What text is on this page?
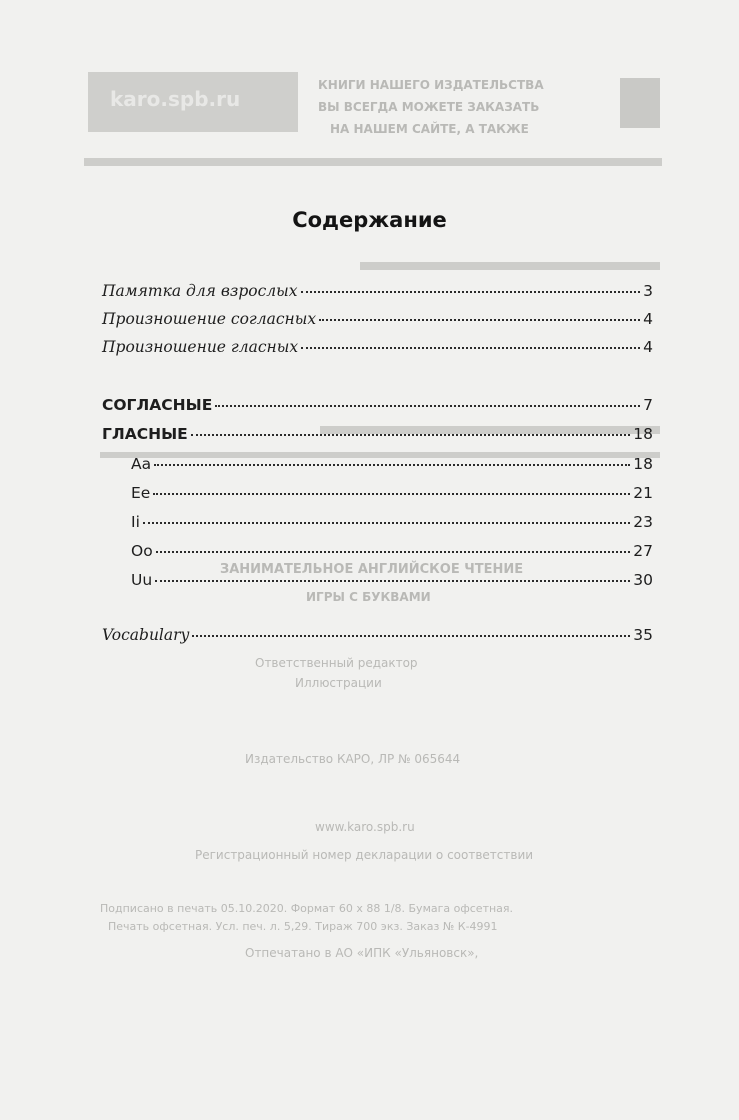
karo.spb.ru
КНИГИ НАШЕГО ИЗДАТЕЛЬСТВА
ВЫ ВСЕГДА МОЖЕТЕ ЗАКАЗАТЬ
НА НАШЕМ САЙТЕ, А ТАКЖЕ
ЗАНИМАТЕЛЬНОЕ АНГЛИЙСКОЕ ЧТЕНИЕ
ИГРЫ С БУКВАМИ
Ответственный редактор
Иллюстрации
Издательство КАРО, ЛР № 065644
www.karo.spb.ru
Регистрационный номер декларации о соответствии
Подписано в печать 05.10.2020. Формат 60 x 88 1/8. Бумага офсетная.
Печать офсетная. Усл. печ. л. 5,29. Тираж 700 экз. Заказ № К-4991
Отпечатано в АО «ИПК «Ульяновск»,
Содержание
Памятка для взрослых	3
Произношение согласных	4
Произношение гласных	4
СОГЛАСНЫЕ	7
ГЛАСНЫЕ	18
Aa	18
Ee	21
Ii	23
Oo	27
Uu	30
Vocabulary	35
